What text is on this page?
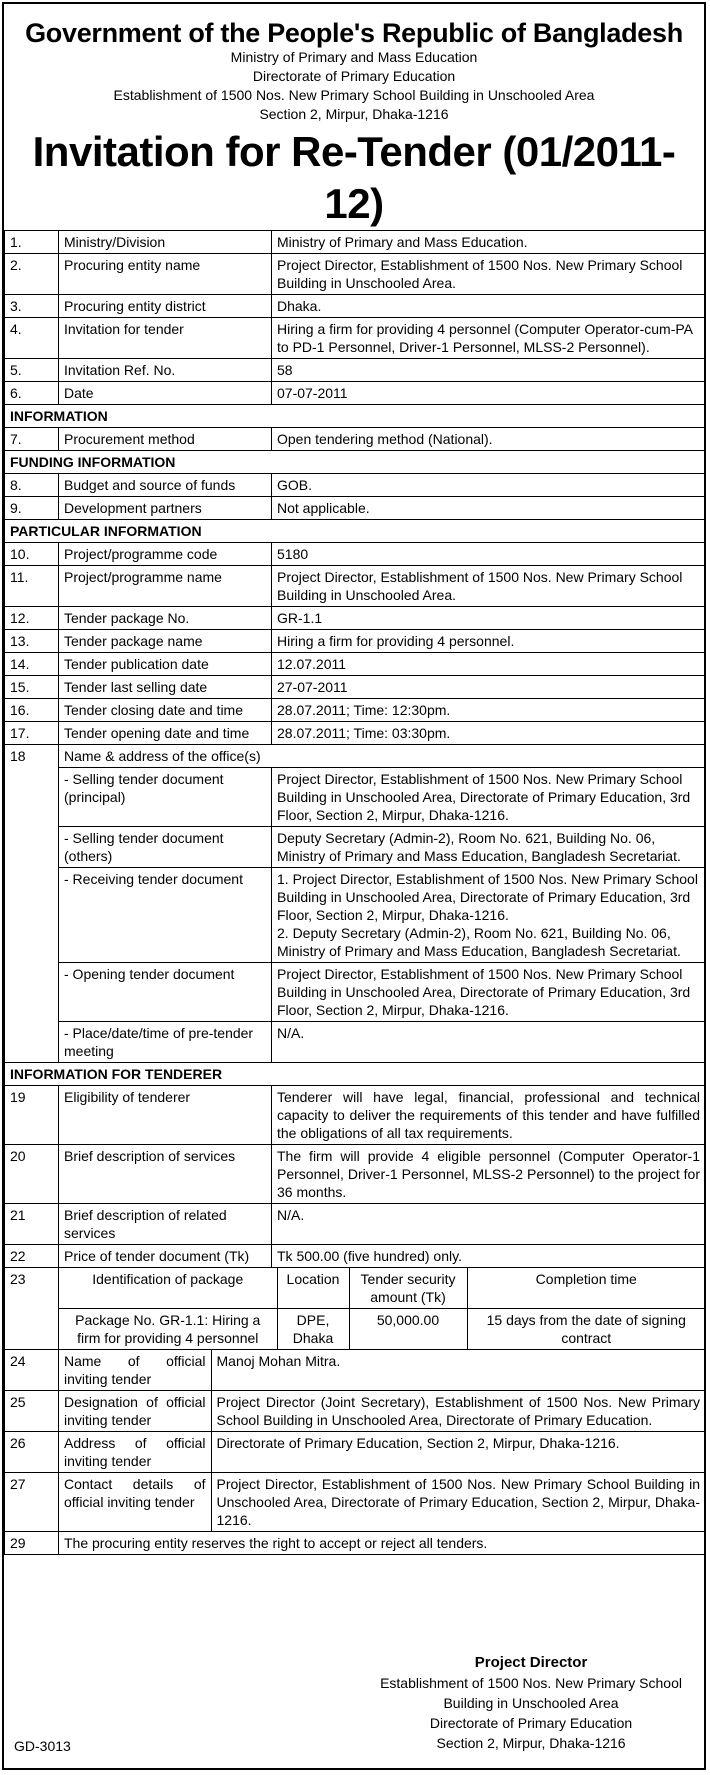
Government of the People's Republic of Bangladesh
Ministry of Primary and Mass Education
Directorate of Primary Education
Establishment of 1500 Nos. New Primary School Building in Unschooled Area
Section 2, Mirpur, Dhaka-1216
Invitation for Re-Tender (01/2011-12)
1.	Ministry/Division	Ministry of Primary and Mass Education.
2.	Procuring entity name	Project Director, Establishment of 1500 Nos. New Primary School Building in Unschooled Area.
3.	Procuring entity district	Dhaka.
4.	Invitation for tender	Hiring a firm for providing 4 personnel (Computer Operator-cum-PA to PD-1 Personnel, Driver-1 Personnel, MLSS-2 Personnel).
5.	Invitation Ref. No.	58
6.	Date	07-07-2011
INFORMATION
7.	Procurement method	Open tendering method (National).
FUNDING INFORMATION
8.	Budget and source of funds	GOB.
9.	Development partners	Not applicable.
PARTICULAR INFORMATION
10.	Project/programme code	5180
11.	Project/programme name	Project Director, Establishment of 1500 Nos. New Primary School Building in Unschooled Area.
12.	Tender package No.	GR-1.1
13.	Tender package name	Hiring a firm for providing 4 personnel.
14.	Tender publication date	12.07.2011
15.	Tender last selling date	27-07-2011
16.	Tender closing date and time	28.07.2011; Time: 12:30pm.
17.	Tender opening date and time	28.07.2011; Time: 03:30pm.
18	Name & address of the office(s)
- Selling tender document (principal)	Project Director, Establishment of 1500 Nos. New Primary School Building in Unschooled Area, Directorate of Primary Education, 3rd Floor, Section 2, Mirpur, Dhaka-1216.
- Selling tender document (others)	Deputy Secretary (Admin-2), Room No. 621, Building No. 06, Ministry of Primary and Mass Education, Bangladesh Secretariat.
- Receiving tender document	1. Project Director, Establishment of 1500 Nos. New Primary School Building in Unschooled Area, Directorate of Primary Education, 3rd Floor, Section 2, Mirpur, Dhaka-1216.
2. Deputy Secretary (Admin-2), Room No. 621, Building No. 06, Ministry of Primary and Mass Education, Bangladesh Secretariat.

- Opening tender document	Project Director, Establishment of 1500 Nos. New Primary School Building in Unschooled Area, Directorate of Primary Education, 3rd Floor, Section 2, Mirpur, Dhaka-1216.
- Place/date/time of pre-tender meeting	N/A.
INFORMATION FOR TENDERER
19	Eligibility of tenderer	Tenderer will have legal, financial, professional and technical capacity to deliver the requirements of this tender and have fulfilled the obligations of all tax requirements.
20	Brief description of services	The firm will provide 4 eligible personnel (Computer Operator-1 Personnel, Driver-1 Personnel, MLSS-2 Personnel) to the project for 36 months.
21	Brief description of related services	N/A.
22	Price of tender document (Tk)	Tk 500.00 (five hundred) only.
23		Identification of package	Location	Tender security amount (Tk)	Completion time
Package No. GR-1.1: Hiring a firm for providing 4 personnel	DPE, Dhaka	50,000.00	15 days from the date of signing contract

24		Name of official inviting tender	Manoj Mohan Mitra.

25		Designation of official inviting tender	Project Director (Joint Secretary), Establishment of 1500 Nos. New Primary School Building in Unschooled Area, Directorate of Primary Education.

26		Address of official inviting tender	Directorate of Primary Education, Section 2, Mirpur, Dhaka-1216.

27		Contact details of official inviting tender	Project Director, Establishment of 1500 Nos. New Primary School Building in Unschooled Area, Directorate of Primary Education, Section 2, Mirpur, Dhaka-1216.

29	The procuring entity reserves the right to accept or reject all tenders.
Project Director
Establishment of 1500 Nos. New Primary School
Building in Unschooled Area
Directorate of Primary Education
Section 2, Mirpur, Dhaka-1216
GD-3013
